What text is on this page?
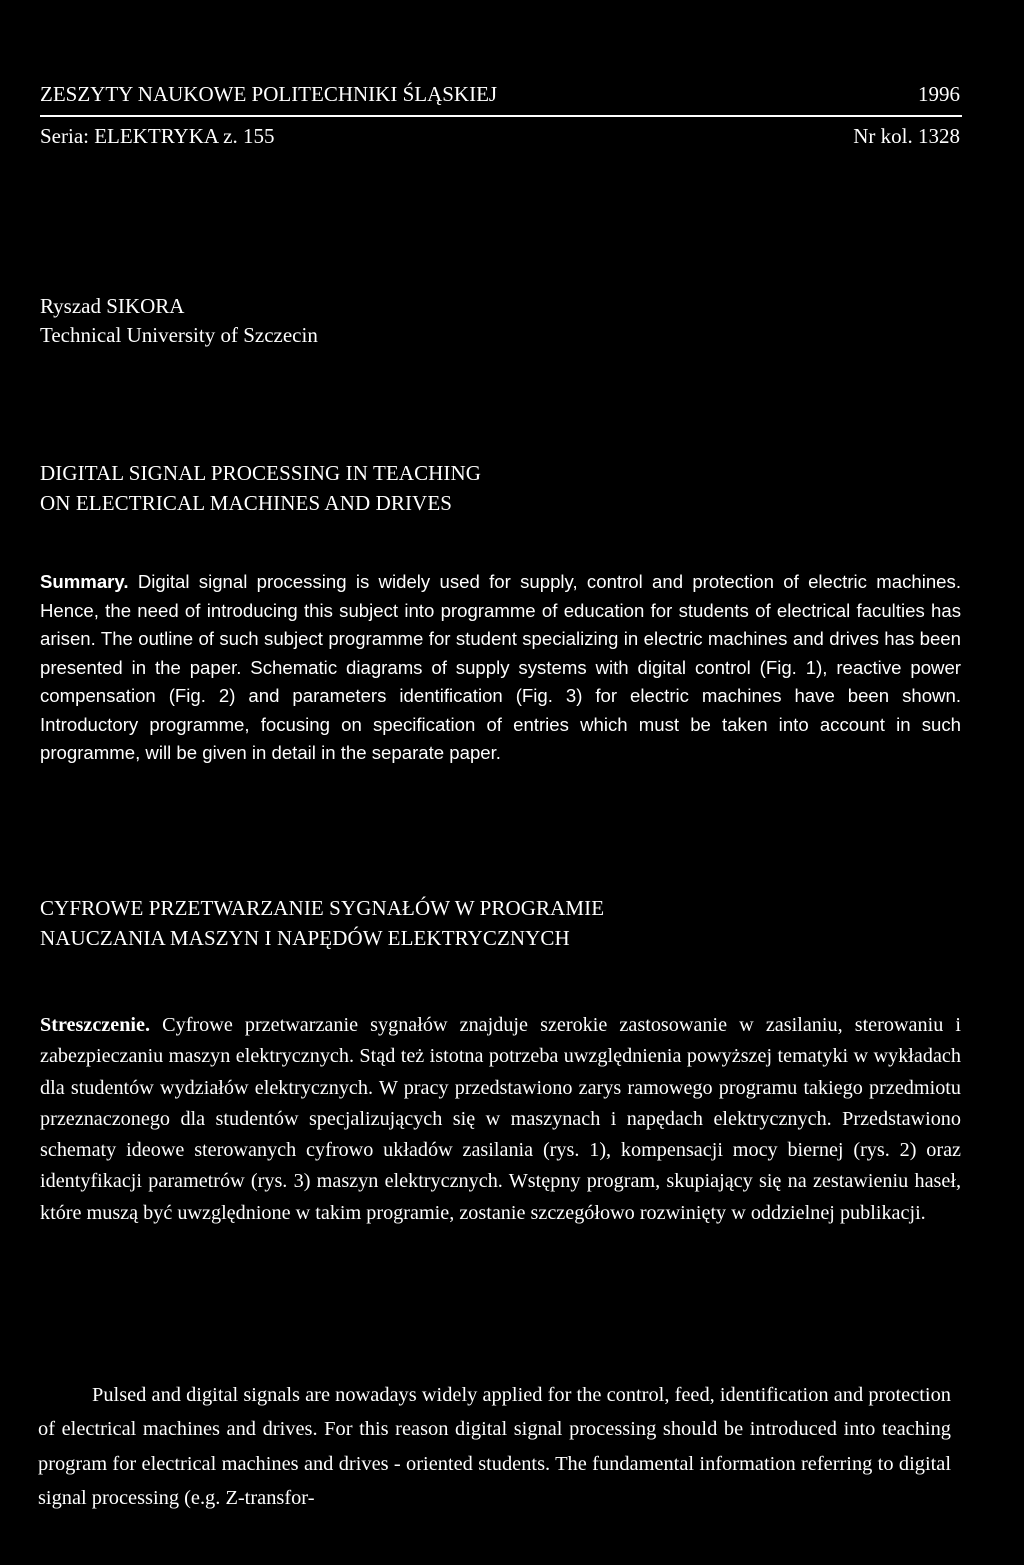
ZESZYTY NAUKOWE POLITECHNIKI ŚLĄSKIEJ	1996
Seria: ELEKTRYKA z. 155	Nr kol. 1328
Ryszad SIKORA
Technical University of Szczecin
DIGITAL SIGNAL PROCESSING IN TEACHING
ON ELECTRICAL MACHINES AND DRIVES

Summary. Digital signal processing is widely used for supply, control and protection of electric machines. Hence, the need of introducing this subject into programme of education for students of electrical faculties has arisen. The outline of such subject programme for student specializing in electric machines and drives has been presented in the paper. Schematic diagrams of supply systems with digital control (Fig. 1), reactive power compensation (Fig. 2) and parameters identification (Fig. 3) for electric machines have been shown. Introductory programme, focusing on specification of entries which must be taken into account in such programme, will be given in detail in the separate paper.

CYFROWE PRZETWARZANIE SYGNAŁÓW W PROGRAMIE
NAUCZANIA MASZYN I NAPĘDÓW ELEKTRYCZNYCH

Streszczenie. Cyfrowe przetwarzanie sygnałów znajduje szerokie zastosowanie w zasilaniu, sterowaniu i zabezpieczaniu maszyn elektrycznych. Stąd też istotna potrzeba uwzględnienia powyższej tematyki w wykładach dla studentów wydziałów elektrycznych. W pracy przedstawiono zarys ramowego programu takiego przedmiotu przeznaczonego dla studentów specjalizujących się w maszynach i napędach elektrycznych. Przedstawiono schematy ideowe sterowanych cyfrowo układów zasilania (rys. 1), kompensacji mocy biernej (rys. 2) oraz identyfikacji parametrów (rys. 3) maszyn elektrycznych. Wstępny program, skupiający się na zestawieniu haseł, które muszą być uwzględnione w takim programie, zostanie szczegółowo rozwinięty w oddzielnej publikacji.

Pulsed and digital signals are nowadays widely applied for the control, feed, identification and protection of electrical machines and drives. For this reason digital signal processing should be introduced into teaching program for electrical machines and drives - oriented students. The fundamental information referring to digital signal processing (e.g. Z-transfor-
